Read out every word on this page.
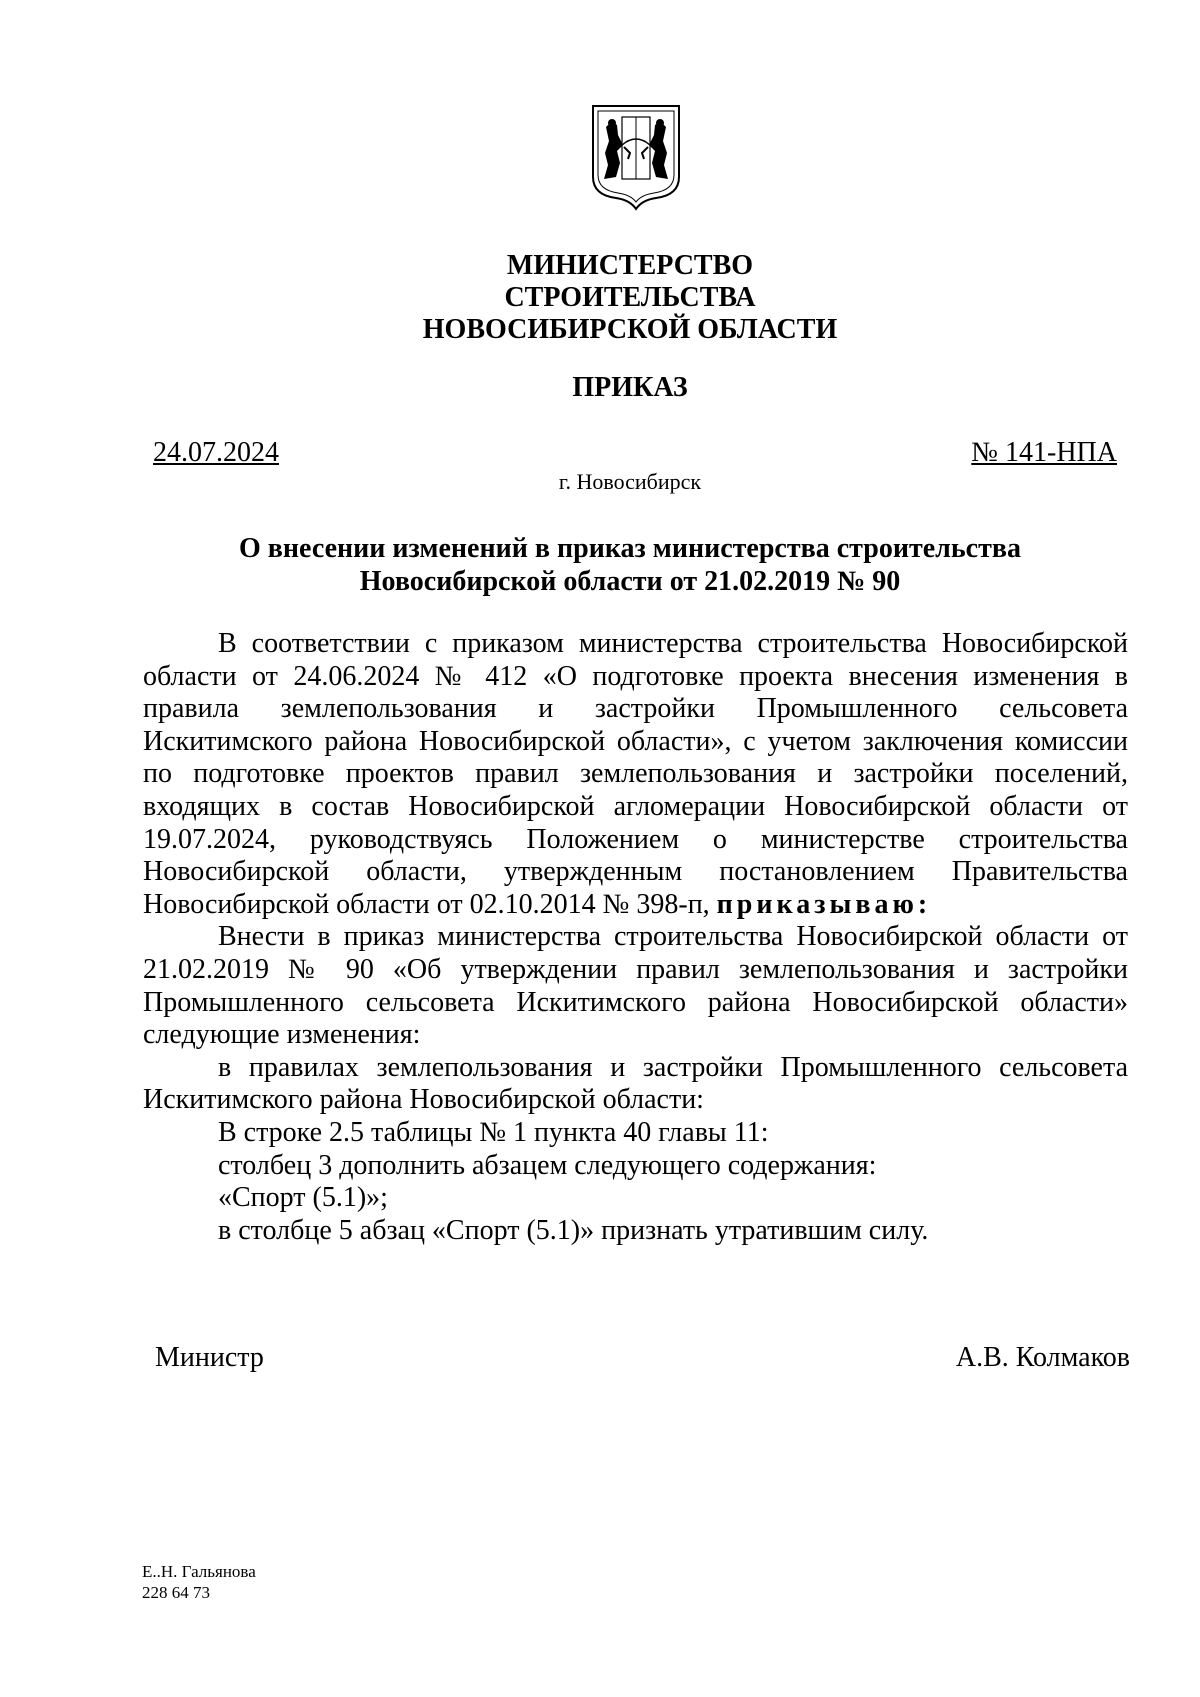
МИНИСТЕРСТВО
СТРОИТЕЛЬСТВА
НОВОСИБИРСКОЙ ОБЛАСТИ
ПРИКАЗ
24.07.2024	№ 141-НПА
г. Новосибирск
О внесении изменений в приказ министерства строительства
Новосибирской области от 21.02.2019 № 90

В соответствии с приказом министерства строительства Новосибирской области от 24.06.2024 № 412 «О подготовке проекта внесения изменения в правила землепользования и застройки Промышленного сельсовета Искитимского района Новосибирской области», с учетом заключения комиссии по подготовке проектов правил землепользования и застройки поселений, входящих в состав Новосибирской агломерации Новосибирской области от 19.07.2024, руководствуясь Положением о министерстве строительства Новосибирской области, утвержденным постановлением Правительства Новосибирской области от 02.10.2014 № 398-п, приказываю:

Внести в приказ министерства строительства Новосибирской области от 21.02.2019 № 90 «Об утверждении правил землепользования и застройки Промышленного сельсовета Искитимского района Новосибирской области» следующие изменения:

в правилах землепользования и застройки Промышленного сельсовета Искитимского района Новосибирской области:

В строке 2.5 таблицы № 1 пункта 40 главы 11:

столбец 3 дополнить абзацем следующего содержания:

«Спорт (5.1)»;

в столбце 5 абзац «Спорт (5.1)» признать утратившим силу.

Министр	А.В. Колмаков
Е..Н. Гальянова
228 64 73
